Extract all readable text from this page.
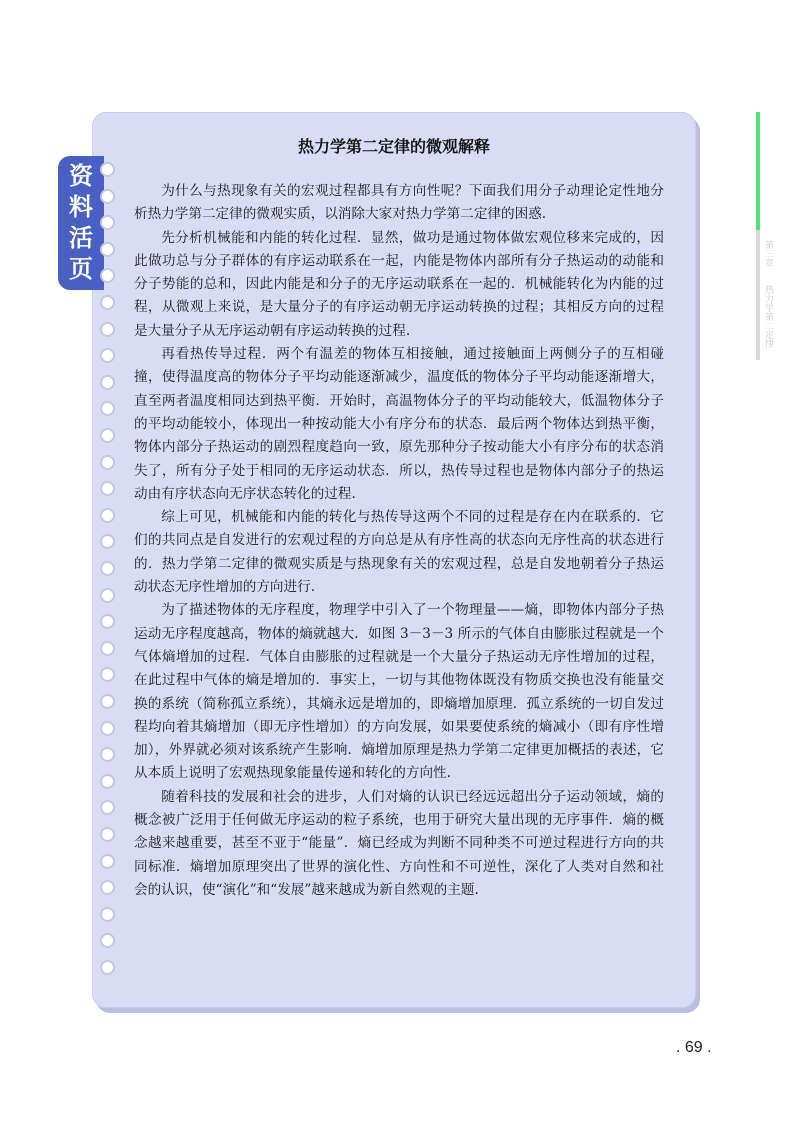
资
料
活
页
热力学第二定律的微观解释

为什么与热现象有关的宏观过程都具有方向性呢？下面我们用分子动理论定性地分析热力学第二定律的微观实质，以消除大家对热力学第二定律的困惑.

先分析机械能和内能的转化过程．显然，做功是通过物体做宏观位移来完成的，因此做功总与分子群体的有序运动联系在一起，内能是物体内部所有分子热运动的动能和分子势能的总和，因此内能是和分子的无序运动联系在一起的．机械能转化为内能的过程，从微观上来说，是大量分子的有序运动朝无序运动转换的过程；其相反方向的过程是大量分子从无序运动朝有序运动转换的过程.

再看热传导过程．两个有温差的物体互相接触，通过接触面上两侧分子的互相碰撞，使得温度高的物体分子平均动能逐渐减少，温度低的物体分子平均动能逐渐增大，直至两者温度相同达到热平衡．开始时，高温物体分子的平均动能较大，低温物体分子的平均动能较小，体现出一种按动能大小有序分布的状态．最后两个物体达到热平衡，物体内部分子热运动的剧烈程度趋向一致，原先那种分子按动能大小有序分布的状态消失了，所有分子处于相同的无序运动状态．所以，热传导过程也是物体内部分子的热运动由有序状态向无序状态转化的过程.

综上可见，机械能和内能的转化与热传导这两个不同的过程是存在内在联系的．它们的共同点是自发进行的宏观过程的方向总是从有序性高的状态向无序性高的状态进行的．热力学第二定律的微观实质是与热现象有关的宏观过程，总是自发地朝着分子热运动状态无序性增加的方向进行.

为了描述物体的无序程度，物理学中引入了一个物理量——熵，即物体内部分子热运动无序程度越高，物体的熵就越大．如图 3－3－3 所示的气体自由膨胀过程就是一个气体熵增加的过程．气体自由膨胀的过程就是一个大量分子热运动无序性增加的过程，在此过程中气体的熵是增加的．事实上，一切与其他物体既没有物质交换也没有能量交换的系统（简称孤立系统），其熵永远是增加的，即熵增加原理．孤立系统的一切自发过程均向着其熵增加（即无序性增加）的方向发展，如果要使系统的熵减小（即有序性增加），外界就必须对该系统产生影响．熵增加原理是热力学第二定律更加概括的表述，它从本质上说明了宏观热现象能量传递和转化的方向性.

随着科技的发展和社会的进步，人们对熵的认识已经远远超出分子运动领域，熵的概念被广泛用于任何做无序运动的粒子系统，也用于研究大量出现的无序事件．熵的概念越来越重要，甚至不亚于“能量”．熵已经成为判断不同种类不可逆过程进行方向的共同标准．熵增加原理突出了世界的演化性、方向性和不可逆性，深化了人类对自然和社会的认识，使“演化”和“发展”越来越成为新自然观的主题.

第三章
热力学第二定律
. 69 .
